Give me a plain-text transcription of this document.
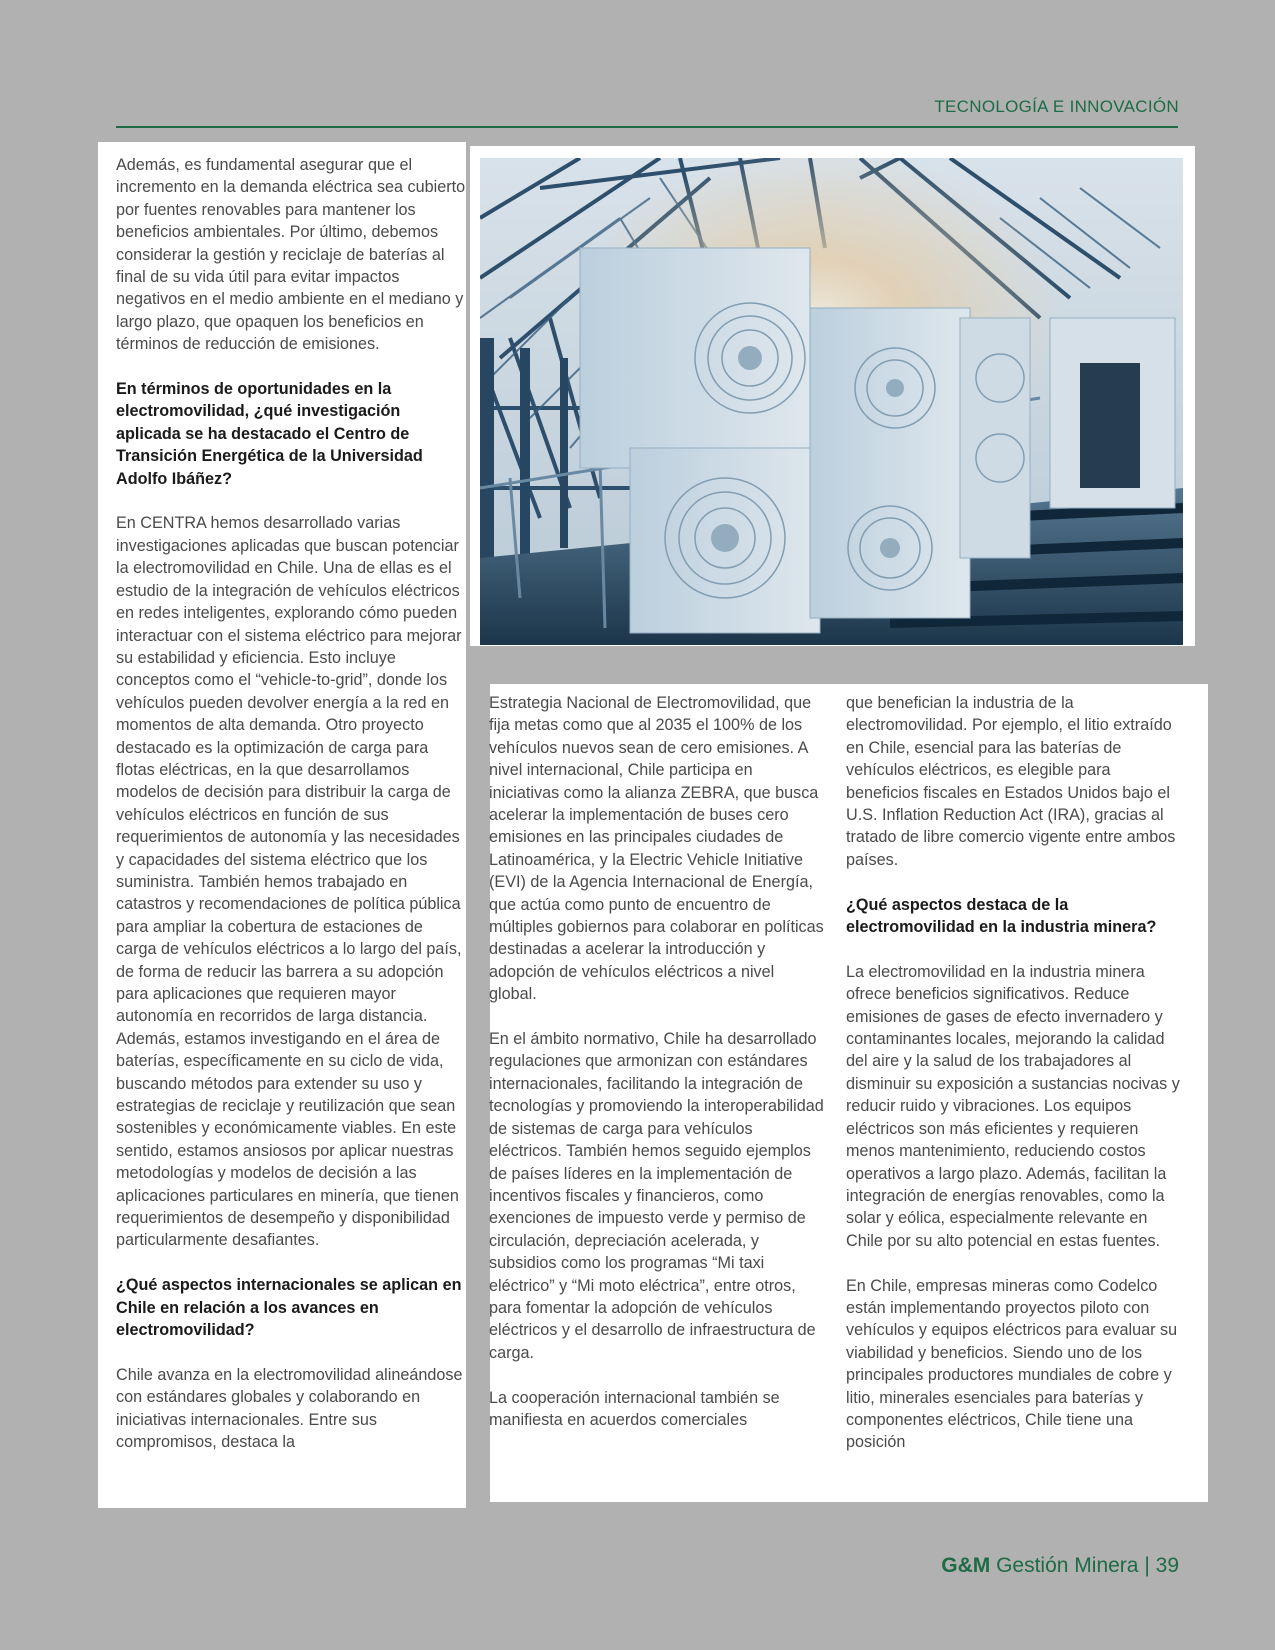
TECNOLOGÍA E INNOVACIÓN

Además, es fundamental asegurar que el incremento en la demanda eléctrica sea cubierto por fuentes renovables para mantener los beneficios ambientales. Por último, debemos considerar la gestión y reciclaje de baterías al final de su vida útil para evitar impactos negativos en el medio ambiente en el mediano y largo plazo, que opaquen los beneficios en términos de reducción de emisiones.

En términos de oportunidades en la electromovilidad, ¿qué investigación aplicada se ha destacado el Centro de Transición Energética de la Universidad Adolfo Ibáñez?

En CENTRA hemos desarrollado varias investigaciones aplicadas que buscan potenciar la electromovilidad en Chile. Una de ellas es el estudio de la integración de vehículos eléctricos en redes inteligentes, explorando cómo pueden interactuar con el sistema eléctrico para mejorar su estabilidad y eficiencia. Esto incluye conceptos como el “vehicle-to-grid”, donde los vehículos pueden devolver energía a la red en momentos de alta demanda. Otro proyecto destacado es la optimización de carga para flotas eléctricas, en la que desarrollamos modelos de decisión para distribuir la carga de vehículos eléctricos en función de sus requerimientos de autonomía y las necesidades y capacidades del sistema eléctrico que los suministra. También hemos trabajado en catastros y recomendaciones de política pública para ampliar la cobertura de estaciones de carga de vehículos eléctricos a lo largo del país, de forma de reducir las barrera a su adopción para aplicaciones que requieren mayor autonomía en recorridos de larga distancia. Además, estamos investigando en el área de baterías, específicamente en su ciclo de vida, buscando métodos para extender su uso y estrategias de reciclaje y reutilización que sean sostenibles y económicamente viables. En este sentido, estamos ansiosos por aplicar nuestras metodologías y modelos de decisión a las aplicaciones particulares en minería, que tienen requerimientos de desempeño y disponibilidad particularmente desafiantes.

¿Qué aspectos internacionales se aplican en Chile en relación a los avances en electromovilidad?

Chile avanza en la electromovilidad alineándose con estándares globales y colaborando en iniciativas internacionales. Entre sus compromisos, destaca la

Estrategia Nacional de Electromovilidad, que fija metas como que al 2035 el 100% de los vehículos nuevos sean de cero emisiones. A nivel internacional, Chile participa en iniciativas como la alianza ZEBRA, que busca acelerar la implementación de buses cero emisiones en las principales ciudades de Latinoamérica, y la Electric Vehicle Initiative (EVI) de la Agencia Internacional de Energía, que actúa como punto de encuentro de múltiples gobiernos para colaborar en políticas destinadas a acelerar la introducción y adopción de vehículos eléctricos a nivel global.

En el ámbito normativo, Chile ha desarrollado regulaciones que armonizan con estándares internacionales, facilitando la integración de tecnologías y promoviendo la interoperabilidad de sistemas de carga para vehículos eléctricos. También hemos seguido ejemplos de países líderes en la implementación de incentivos fiscales y financieros, como exenciones de impuesto verde y permiso de circulación, depreciación acelerada, y subsidios como los programas “Mi taxi eléctrico” y “Mi moto eléctrica”, entre otros, para fomentar la adopción de vehículos eléctricos y el desarrollo de infraestructura de carga.

La cooperación internacional también se manifiesta en acuerdos comerciales

que benefician la industria de la electromovilidad. Por ejemplo, el litio extraído en Chile, esencial para las baterías de vehículos eléctricos, es elegible para beneficios fiscales en Estados Unidos bajo el U.S. Inflation Reduction Act (IRA), gracias al tratado de libre comercio vigente entre ambos países.

¿Qué aspectos destaca de la electromovilidad en la industria minera?

La electromovilidad en la industria minera ofrece beneficios significativos. Reduce emisiones de gases de efecto invernadero y contaminantes locales, mejorando la calidad del aire y la salud de los trabajadores al disminuir su exposición a sustancias nocivas y reducir ruido y vibraciones. Los equipos eléctricos son más eficientes y requieren menos mantenimiento, reduciendo costos operativos a largo plazo. Además, facilitan la integración de energías renovables, como la solar y eólica, especialmente relevante en Chile por su alto potencial en estas fuentes.

En Chile, empresas mineras como Codelco están implementando proyectos piloto con vehículos y equipos eléctricos para evaluar su viabilidad y beneficios. Siendo uno de los principales productores mundiales de cobre y litio, minerales esenciales para baterías y componentes eléctricos, Chile tiene una posición

G&M Gestión Minera | 39
